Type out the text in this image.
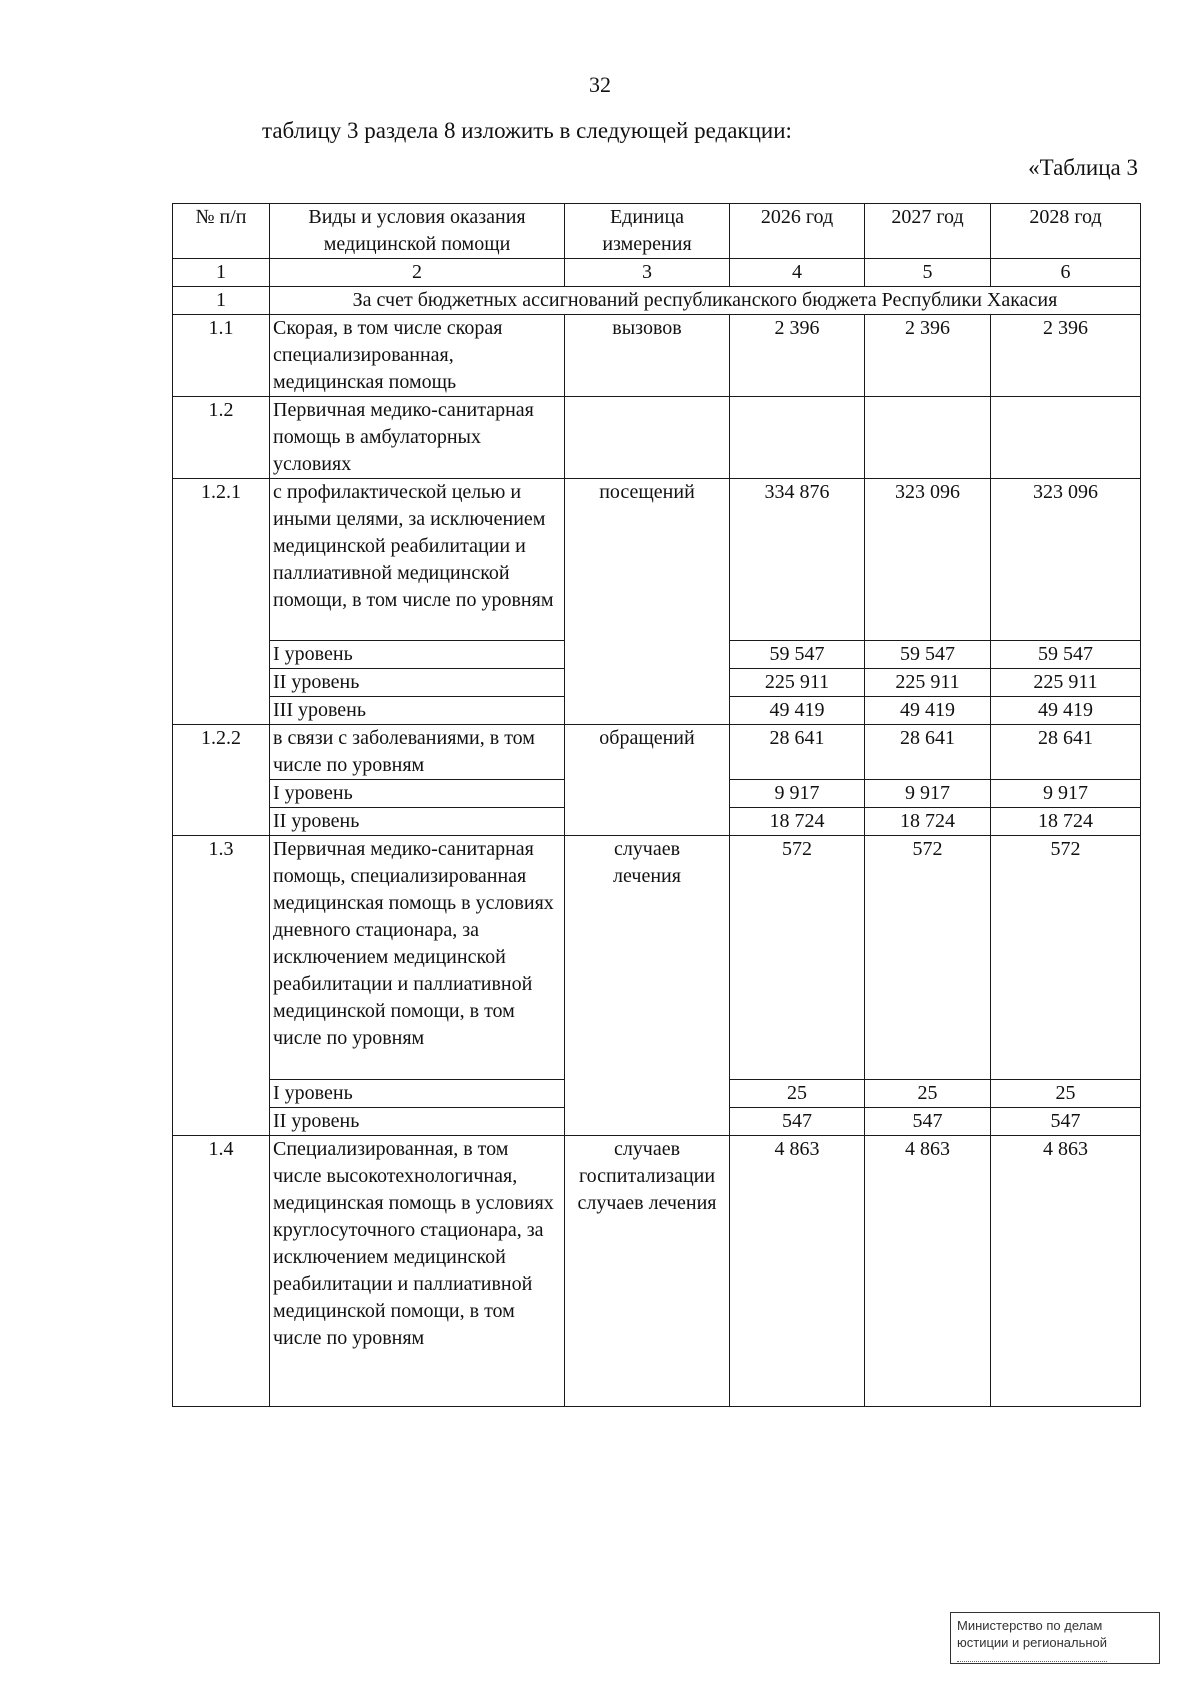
32
таблицу 3 раздела 8 изложить в следующей редакции:
«Таблица 3
№ п/п	Виды и условия оказания медицинской помощи	Единица измерения	2026 год	2027 год	2028 год
1	2	3	4	5	6
1	За счет бюджетных ассигнований республиканского бюджета Республики Хакасия				
1.1	Скорая, в том числе скорая специализированная, медицинская помощь	вызовов	2 396	2 396	2 396
1.2	Первичная медико-санитарная помощь в амбулаторных условиях				
1.2.1	с профилактической целью и иными целями, за исключением медицинской реабилитации и паллиативной медицинской помощи, в том числе по уровням	посещений	334 876	323 096	323 096
	I уровень		59 547	59 547	59 547
	II уровень		225 911	225 911	225 911
	III уровень		49 419	49 419	49 419
1.2.2	в связи с заболеваниями, в том числе по уровням	обращений	28 641	28 641	28 641
	I уровень		9 917	9 917	9 917
	II уровень		18 724	18 724	18 724
1.3	Первичная медико-санитарная помощь, специализированная медицинская помощь в условиях дневного стационара, за исключением медицинской реабилитации и паллиативной медицинской помощи, в том числе по уровням	случаев лечения	572	572	572
	I уровень		25	25	25
	II уровень		547	547	547
1.4	Специализированная, в том числе высокотехнологичная, медицинская помощь в условиях круглосуточного стационара, за исключением медицинской реабилитации и паллиативной медицинской помощи, в том числе по уровням	случаев госпитализации случаев лечения	4 863	4 863	4 863
Министерство по делам
юстиции и региональной
